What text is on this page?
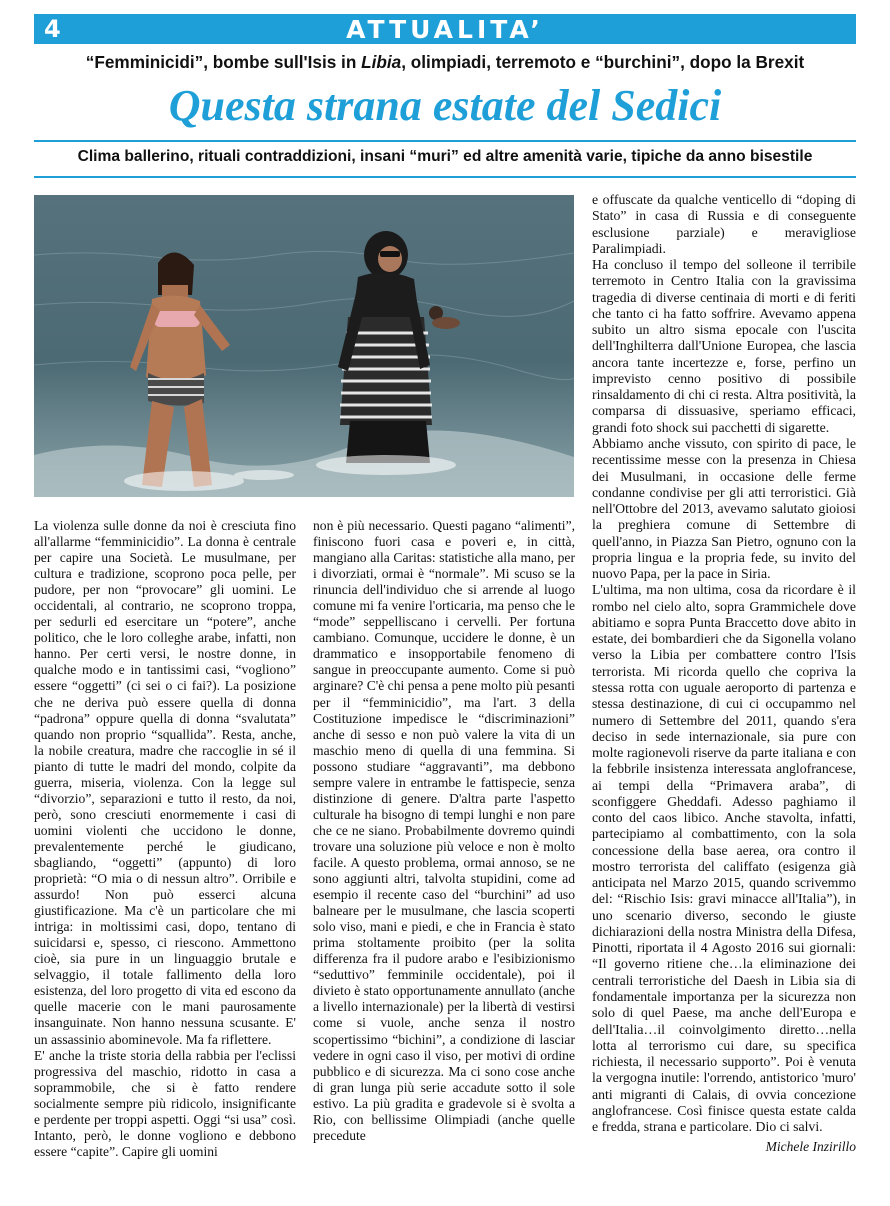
4	ATTUALITA’
“Femminicidi”, bombe sull'Isis in Libia, olimpiadi, terremoto e “burchini”, dopo la Brexit
Questa strana estate del Sedici
Clima ballerino, rituali contraddizioni, insani “muri” ed altre amenità varie, tipiche da anno bisestile

La violenza sulle donne da noi è cresciuta fino all'allarme “femminicidio”. La donna è centrale per capire una Società. Le musulmane, per cultura e tradizione, scoprono poca pelle, per pudore, per non “provocare” gli uomini. Le occidentali, al contrario, ne scoprono troppa, per sedurli ed esercitare un “potere”, anche politico, che le loro colleghe arabe, infatti, non hanno. Per certi versi, le nostre donne, in qualche modo e in tantissimi casi, “vogliono” essere “oggetti” (ci sei o ci fai?). La posizione che ne deriva può essere quella di donna “padrona” oppure quella di donna “svalutata” quando non proprio “squallida”. Resta, anche, la nobile creatura, madre che raccoglie in sé il pianto di tutte le madri del mondo, colpite da guerra, miseria, violenza. Con la legge sul “divorzio”, separazioni e tutto il resto, da noi, però, sono cresciuti enormemente i casi di uomini violenti che uccidono le donne, prevalentemente perché le giudicano, sbagliando, “oggetti” (appunto) di loro proprietà: “O mia o di nessun altro”. Orribile e assurdo! Non può esserci alcuna giustificazione. Ma c'è un particolare che mi intriga: in moltissimi casi, dopo, tentano di suicidarsi e, spesso, ci riescono. Ammettono cioè, sia pure in un linguaggio brutale e selvaggio, il totale fallimento della loro esistenza, del loro progetto di vita ed escono da quelle macerie con le mani paurosamente insanguinate. Non hanno nessuna scusante. E' un assassinio abominevole. Ma fa riflettere.

E' anche la triste storia della rabbia per l'eclissi progressiva del maschio, ridotto in casa a soprammobile, che si è fatto rendere socialmente sempre più ridicolo, insignificante e perdente per troppi aspetti. Oggi “si usa” così. Intanto, però, le donne vogliono e debbono essere “capite”. Capire gli uomini

non è più necessario. Questi pagano “alimenti”, finiscono fuori casa e poveri e, in città, mangiano alla Caritas: statistiche alla mano, per i divorziati, ormai è “normale”. Mi scuso se la rinuncia dell'individuo che si arrende al luogo comune mi fa venire l'orticaria, ma penso che le “mode” seppelliscano i cervelli. Per fortuna cambiano. Comunque, uccidere le donne, è un drammatico e insopportabile fenomeno di sangue in preoccupante aumento. Come si può arginare? C'è chi pensa a pene molto più pesanti per il “femminicidio”, ma l'art. 3 della Costituzione impedisce le “discriminazioni” anche di sesso e non può valere la vita di un maschio meno di quella di una femmina. Si possono studiare “aggravanti”, ma debbono sempre valere in entrambe le fattispecie, senza distinzione di genere. D'altra parte l'aspetto culturale ha bisogno di tempi lunghi e non pare che ce ne siano. Probabilmente dovremo quindi trovare una soluzione più veloce e non è molto facile. A questo problema, ormai annoso, se ne sono aggiunti altri, talvolta stupidini, come ad esempio il recente caso del “burchini” ad uso balneare per le musulmane, che lascia scoperti solo viso, mani e piedi, e che in Francia è stato prima stoltamente proibito (per la solita differenza fra il pudore arabo e l'esibizionismo “seduttivo” femminile occidentale), poi il divieto è stato opportunamente annullato (anche a livello internazionale) per la libertà di vestirsi come si vuole, anche senza il nostro scopertissimo “bichini”, a condizione di lasciar vedere in ogni caso il viso, per motivi di ordine pubblico e di sicurezza. Ma ci sono cose anche di gran lunga più serie accadute sotto il sole estivo. La più gradita e gradevole si è svolta a Rio, con bellissime Olimpiadi (anche quelle precedute

e offuscate da qualche venticello di “doping di Stato” in casa di Russia e di conseguente esclusione parziale) e meravigliose Paralimpiadi.

Ha concluso il tempo del solleone il terribile terremoto in Centro Italia con la gravissima tragedia di diverse centinaia di morti e di feriti che tanto ci ha fatto soffrire. Avevamo appena subito un altro sisma epocale con l'uscita dell'Inghilterra dall'Unione Europea, che lascia ancora tante incertezze e, forse, perfino un imprevisto cenno positivo di possibile rinsaldamento di chi ci resta. Altra positività, la comparsa di dissuasive, speriamo efficaci, grandi foto shock sui pacchetti di sigarette.

Abbiamo anche vissuto, con spirito di pace, le recentissime messe con la presenza in Chiesa dei Musulmani, in occasione delle ferme condanne condivise per gli atti terroristici. Già nell'Ottobre del 2013, avevamo salutato gioiosi la preghiera comune di Settembre di quell'anno, in Piazza San Pietro, ognuno con la propria lingua e la propria fede, su invito del nuovo Papa, per la pace in Siria.

L'ultima, ma non ultima, cosa da ricordare è il rombo nel cielo alto, sopra Grammichele dove abitiamo e sopra Punta Braccetto dove abito in estate, dei bombardieri che da Sigonella volano verso la Libia per combattere contro l'Isis terrorista. Mi ricorda quello che copriva la stessa rotta con uguale aeroporto di partenza e stessa destinazione, di cui ci occupammo nel numero di Settembre del 2011, quando s'era deciso in sede internazionale, sia pure con molte ragionevoli riserve da parte italiana e con la febbrile insistenza interessata anglofrancese, ai tempi della “Primavera araba”, di sconfiggere Gheddafi. Adesso paghiamo il conto del caos libico. Anche stavolta, infatti, partecipiamo al combattimento, con la sola concessione della base aerea, ora contro il mostro terrorista del califfato (esigenza già anticipata nel Marzo 2015, quando scrivemmo del: “Rischio Isis: gravi minacce all'Italia”), in uno scenario diverso, secondo le giuste dichiarazioni della nostra Ministra della Difesa, Pinotti, riportata il 4 Agosto 2016 sui giornali: “Il governo ritiene che…la eliminazione dei centrali terroristiche del Daesh in Libia sia di fondamentale importanza per la sicurezza non solo di quel Paese, ma anche dell'Europa e dell'Italia…il coinvolgimento diretto…nella lotta al terrorismo cui dare, su specifica richiesta, il necessario supporto”. Poi è venuta la vergogna inutile: l'orrendo, antistorico 'muro' anti migranti di Calais, di ovvia concezione anglofrancese. Così finisce questa estate calda e fredda, strana e particolare. Dio ci salvi.

Michele Inzirillo
